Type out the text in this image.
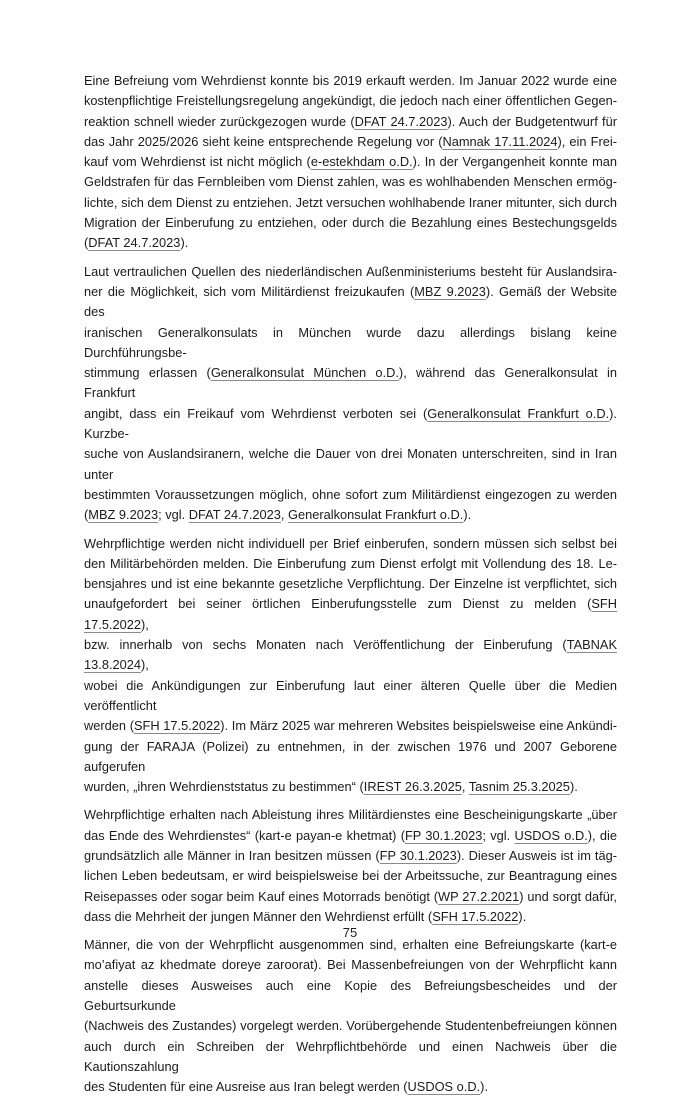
Eine Befreiung vom Wehrdienst konnte bis 2019 erkauft werden. Im Januar 2022 wurde eine
kostenpflichtige Freistellungsregelung angekündigt, die jedoch nach einer öffentlichen Gegen-
reaktion schnell wieder zurückgezogen wurde (DFAT 24.7.2023). Auch der Budgetentwurf für
das Jahr 2025/2026 sieht keine entsprechende Regelung vor (Namnak 17.11.2024), ein Frei-
kauf vom Wehrdienst ist nicht möglich (e-estekhdam o.D.). In der Vergangenheit konnte man
Geldstrafen für das Fernbleiben vom Dienst zahlen, was es wohlhabenden Menschen ermög-
lichte, sich dem Dienst zu entziehen. Jetzt versuchen wohlhabende Iraner mitunter, sich durch
Migration der Einberufung zu entziehen, oder durch die Bezahlung eines Bestechungsgelds
(DFAT 24.7.2023).
Laut vertraulichen Quellen des niederländischen Außenministeriums besteht für Auslandsira-
ner die Möglichkeit, sich vom Militärdienst freizukaufen (MBZ 9.2023). Gemäß der Website des
iranischen Generalkonsulats in München wurde dazu allerdings bislang keine Durchführungsbe-
stimmung erlassen (Generalkonsulat München o.D.), während das Generalkonsulat in Frankfurt
angibt, dass ein Freikauf vom Wehrdienst verboten sei (Generalkonsulat Frankfurt o.D.). Kurzbe-
suche von Auslandsiranern, welche die Dauer von drei Monaten unterschreiten, sind in Iran unter
bestimmten Voraussetzungen möglich, ohne sofort zum Militärdienst eingezogen zu werden
(MBZ 9.2023; vgl. DFAT 24.7.2023, Generalkonsulat Frankfurt o.D.).
Wehrpflichtige werden nicht individuell per Brief einberufen, sondern müssen sich selbst bei
den Militärbehörden melden. Die Einberufung zum Dienst erfolgt mit Vollendung des 18. Le-
bensjahres und ist eine bekannte gesetzliche Verpflichtung. Der Einzelne ist verpflichtet, sich
unaufgefordert bei seiner örtlichen Einberufungsstelle zum Dienst zu melden (SFH 17.5.2022),
bzw. innerhalb von sechs Monaten nach Veröffentlichung der Einberufung (TABNAK 13.8.2024),
wobei die Ankündigungen zur Einberufung laut einer älteren Quelle über die Medien veröffentlicht
werden (SFH 17.5.2022). Im März 2025 war mehreren Websites beispielsweise eine Ankündi-
gung der FARAJA (Polizei) zu entnehmen, in der zwischen 1976 und 2007 Geborene aufgerufen
wurden, „ihren Wehrdienststatus zu bestimmen“ (IREST 26.3.2025, Tasnim 25.3.2025).
Wehrpflichtige erhalten nach Ableistung ihres Militärdienstes eine Bescheinigungskarte „über
das Ende des Wehrdienstes“ (kart-e payan-e khetmat) (FP 30.1.2023; vgl. USDOS o.D.), die
grundsätzlich alle Männer in Iran besitzen müssen (FP 30.1.2023). Dieser Ausweis ist im täg-
lichen Leben bedeutsam, er wird beispielsweise bei der Arbeitssuche, zur Beantragung eines
Reisepasses oder sogar beim Kauf eines Motorrads benötigt (WP 27.2.2021) und sorgt dafür,
dass die Mehrheit der jungen Männer den Wehrdienst erfüllt (SFH 17.5.2022).
Männer, die von der Wehrpflicht ausgenommen sind, erhalten eine Befreiungskarte (kart-e
mo’afiyat az khedmate doreye zaroorat). Bei Massenbefreiungen von der Wehrpflicht kann
anstelle dieses Ausweises auch eine Kopie des Befreiungsbescheides und der Geburtsurkunde
(Nachweis des Zustandes) vorgelegt werden. Vorübergehende Studentenbefreiungen können
auch durch ein Schreiben der Wehrpflichtbehörde und einen Nachweis über die Kautionszahlung
des Studenten für eine Ausreise aus Iran belegt werden (USDOS o.D.).
75
